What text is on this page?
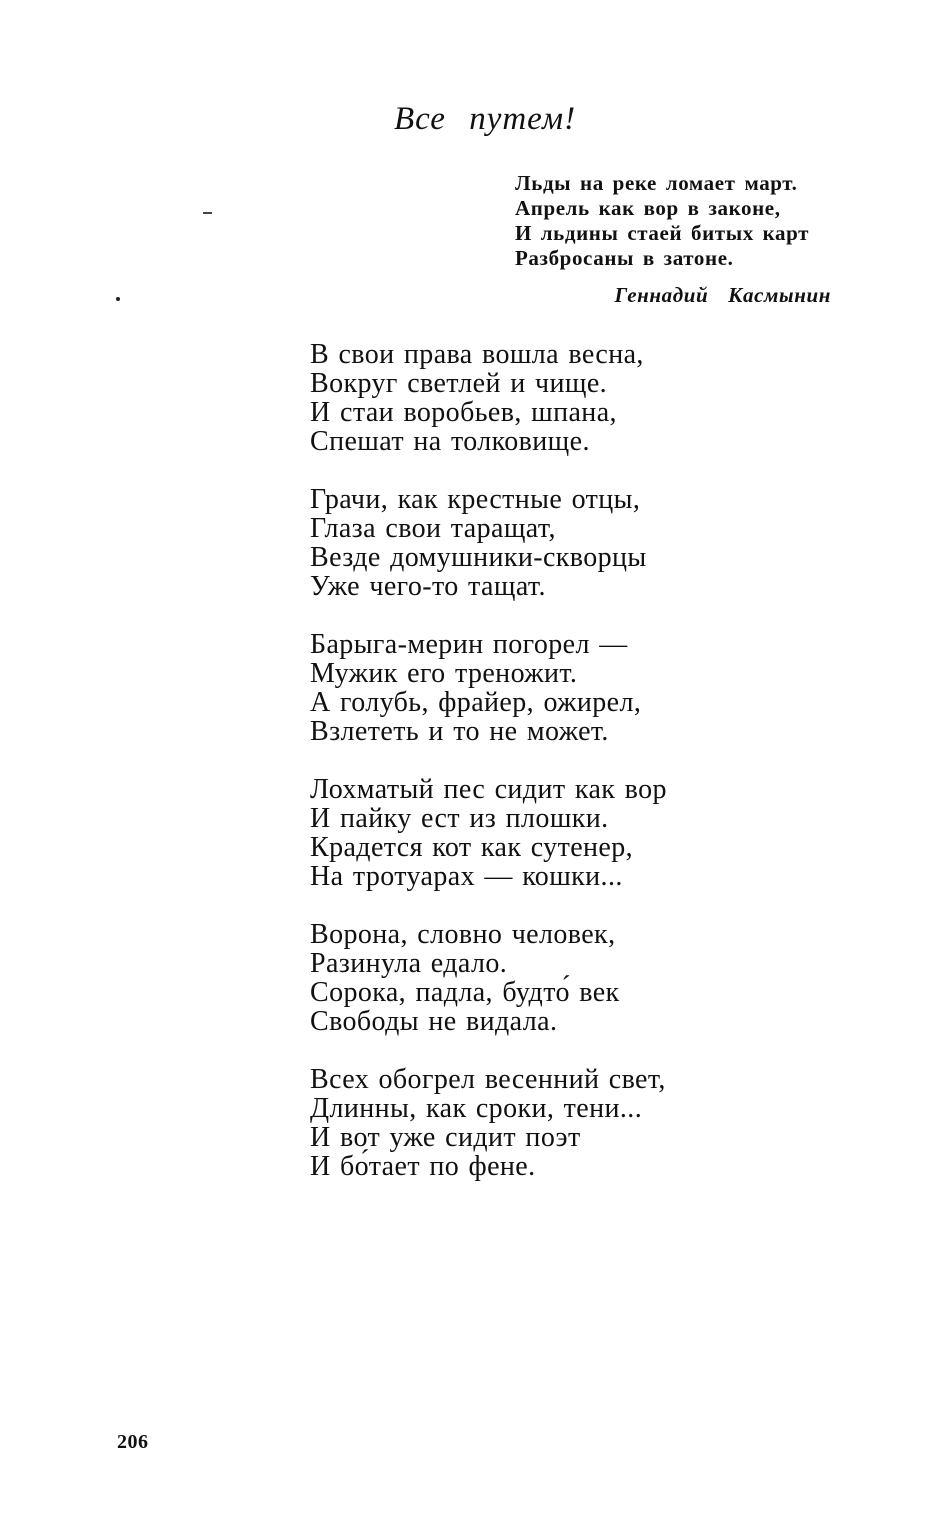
Все путем!
Льды на реке ломает март.
Апрель как вор в законе,
И льдины стаей битых карт
Разбросаны в затоне.
Геннадий Касмынин
В свои права вошла весна,
Вокруг светлей и чище.
И стаи воробьев, шпана,
Спешат на толковище.
Грачи, как крестные отцы,
Глаза свои таращат,
Везде домушники-скворцы
Уже чего-то тащат.
Барыга-мерин погорел —
Мужик его треножит.
А голубь, фрайер, ожирел,
Взлететь и то не может.
Лохматый пес сидит как вор
И пайку ест из плошки.
Крадется кот как сутенер,
На тротуарах — кошки...
Ворона, словно человек,
Разинула едало.
Сорока, падла, будто́ век
Свободы не видала.
Всех обогрел весенний свет,
Длинны, как сроки, тени...
И вот уже сидит поэт
И бо́тает по фене.
206
